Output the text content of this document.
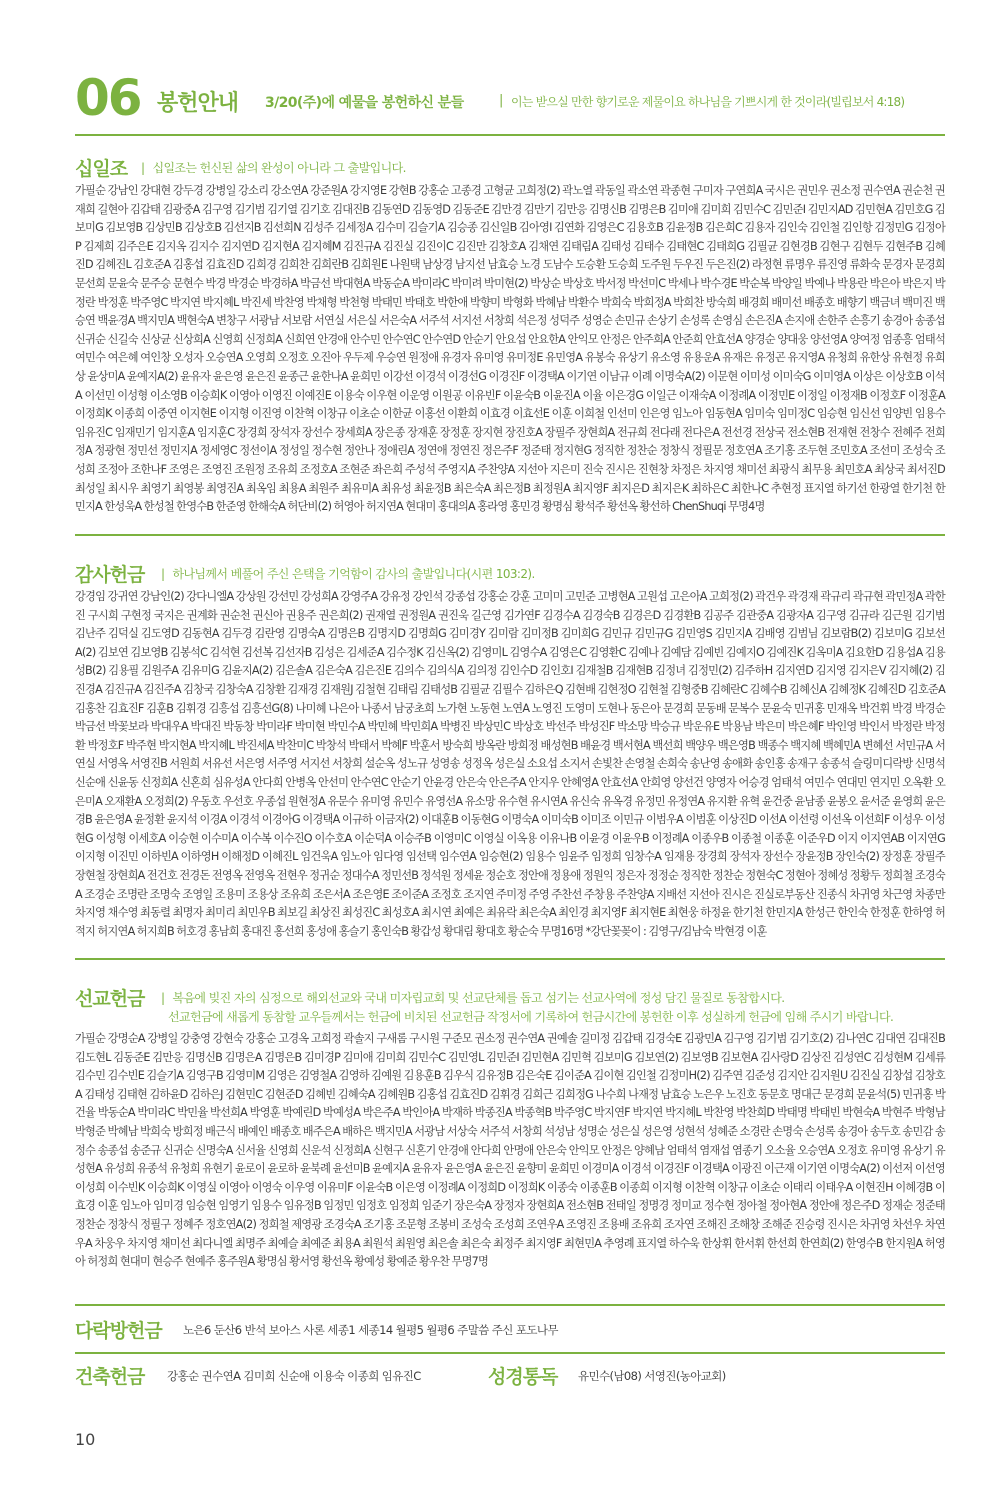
06 봉헌안내 3/20(주)에 예물을 봉헌하신 분들	| 이는 받으실 만한 향기로운 제물이요 하나님을 기쁘시게 한 것이라(빌립보서 4:18)
십일조 | 십일조는 헌신된 삶의 완성이 아니라 그 출발입니다.
가필순 강남인 강대현 강두경 강병일 강소리 강소연A 강준원A 강지영E 강현B 강홍순 고종경 고형균 고희정(2) 곽노열 곽동일 곽소연 곽종현 구미자 구연희A 국시은 권민우 권소정 권수연A 권순천 권재희 길현아 김갑태 김광중A 김구영 김기범 김기열 김기호 김대진B 김동연D 김동영D 김동준E 김만경 김만기 김만응 김명신B 김명은B 김미애 김미희 김민수C 김민준I 김민지AD 김민현A 김민호G 김보미G 김보영B 김상민B 김상호B 김선지B 김선희N 김성주 김세정A 김수미 김슬기A 김승종 김신일B 김아영I 김연화 김영은C 김용호B 김윤정B 김은희C 김용자 김인숙 김인철 김인항 김정민G 김정아P 김제희 김주은E 김지옥 김지수 김지연D 김지현A 김지혜M 김진규A 김진실 김진이C 김진만 김창호A 김채연 김태림A 김태성 김태수 김태현C 김태희G 김필균 김현경B 김현구 김현두 김현주B 김혜진D 김혜진L 김호준A 김홍섭 김효진D 김희경 김희찬 김희란B 김희원E 나원택 남상경 남지선 남효승 노경 도남수 도승환 도승희 도주원 두우진 두은진(2) 라정현 류명우 류진영 류화숙 문경자 문경희 문선희 문윤숙 문주승 문현수 박경 박경순 박경하A 박금선 박대현A 박동순A 박미라C 박미려 박미현(2) 박상순 박상호 박서정 박선미C 박세나 박수경E 박순복 박양일 박예나 박용란 박은아 박은지 박정란 박정훈 박주영C 박지연 박지혜L 박진세 박찬영 박채형 박천형 박태민 박태호 박한애 박향미 박형화 박혜남 박환수 박희숙 박희정A 박희찬 방숙희 배경희 배미선 배종호 배향기 백금녀 백미진 백승연 백윤경A 백지민A 백현숙A 변창구 서광남 서보람 서연실 서은실 서은숙A 서주석 서지선 서창희 석은정 성덕주 성영순 손민규 손상기 손성록 손영심 손은진A 손지애 손한주 손흥기 송경아 송종섭 신귀순 신길숙 신상균 신상희A 신영희 신정희A 신희연 안경애 안수민 안수연C 안수연D 안순기 안요섭 안요한A 안익모 안정은 안주희A 안준희 안효선A 양경순 양대웅 양선영A 양여정 엄종흥 엄태석 여민수 여은혜 여인창 오성자 오승연A 오영희 오정호 오진아 우두제 우승연 원정애 유경자 유미영 유미정E 유민영A 유봉숙 유상기 유소영 유용운A 유재은 유정곤 유지영A 유청희 유한상 유현정 유희상 윤상미A 윤예지A(2) 윤유자 윤은영 윤은진 윤종근 윤한나A 윤희민 이강선 이경석 이경선G 이경진F 이경택A 이기연 이남규 이례 이명숙A(2) 이문현 이미성 이미숙G 이미영A 이상은 이상호B 이석A 이선민 이성형 이소영B 이승희K 이영아 이영진 이예진E 이용숙 이우현 이운영 이원공 이유빈F 이윤숙B 이윤진A 이율 이은경G 이일근 이재숙A 이정례A 이정민E 이정일 이정재B 이정호F 이정훈A 이정희K 이종희 이중연 이지현E 이지형 이진영 이찬혁 이창규 이초순 이한균 이홍선 이환희 이효경 이효선E 이훈 이희철 인선미 인은영 임노아 임동현A 임미숙 임미정C 임승현 임신선 임양빈 임용수 임유진C 임재민기 임지훈A 임지훈C 장경희 장석자 장선수 장세희A 장은종 장재훈 장정훈 장지현 장진호A 장필주 장현희A 전규희 전다래 전다은A 전선경 전상국 전소현B 전재현 전창수 전혜주 전희정A 정광현 정민선 정민지A 정세영C 정선이A 정성일 정수현 정안나 정애린A 정연애 정연진 정은주F 정준태 정지현G 정직한 정찬순 정창식 정필문 정호연A 조기홍 조두현 조민호A 조선미 조성숙 조성희 조정아 조한나F 조영은 조영진 조원정 조유희 조정호A 조현준 좌은희 주성석 주영지A 주찬양A 지선아 지은미 진숙 진시은 진현창 차정은 차지영 채미선 최광식 최무용 최민호A 최상국 최서진D 최성일 최시우 최영기 최영봉 최영진A 최옥임 최용A 최원주 최유미A 최유성 최윤정B 최은숙A 최은정B 최정원A 최지영F 최지은D 최지은K 최하은C 최한나C 추현정 표지열 하기선 한광열 한기천 한민지A 한성욱A 한성철 한영수B 한준영 한해숙A 허단비(2) 허영아 허지연A 현대미 홍대의A 홍라영 홍민경 황명심 황석주 황선옥 황선하 ChenShuqi 무명4명
감사헌금 | 하나님께서 베풀어 주신 은택을 기억함이 감사의 출발입니다(시편 103:2).
강경임 강귀연 강남인(2) 강다니엘A 강상원 강선민 강성희A 강영주A 강유정 강인석 강종섭 강홍순 강훈 고미미 고민준 고병현A 고원섭 고은아A 고희정(2) 곽건우 곽경재 곽규리 곽규현 곽민정A 곽한진 구시희 구현정 국지은 권계화 권순천 권신아 권용주 권은희(2) 권재열 권정원A 권진욱 길근영 김가연F 김경수A 김경숙B 김경은D 김경환B 김공주 김관중A 김광자A 김구영 김규라 김근원 김기범 김난주 김덕실 김도영D 김동현A 김두경 김란영 김명숙A 김명은B 김명지D 김명희G 김미경Y 김미람 김미정B 김미희G 김민규 김민규G 김민영S 김민지A 김배영 김범님 김보람B(2) 김보미G 김보선A(2) 김보연 김보영B 김봉석C 김석현 김선복 김선자B 김성은 김세준A 김수정K 김신옥(2) 김영미L 김영수A 김영은C 김영환C 김예나 김예담 김예빈 김예지O 김예진K 김옥미A 김요한D 김용섭A 김용성B(2) 김용필 김원주A 김유미G 김윤지A(2) 김은솔A 김은숙A 김은진E 김의수 김의식A 김의정 김인수D 김인호I 김재철B 김재현B 김정녀 김정민(2) 김주하H 김지연D 김지영 김지은V 김지혜(2) 김진경A 김진규A 김진주A 김창국 김창숙A 김창환 김재경 김재원J 김철현 김태림 김태성B 김필균 김필수 김하은Q 김현배 김현정O 김현철 김형중B 김혜란C 김혜수B 김혜신A 김혜정K 김혜진D 김호준A 김홍찬 김효진F 김훈B 김휘경 김흥섭 김흥선G(8) 나미혜 나은아 나종서 남궁초희 노가현 노동현 노연A 노영진 도영미 도현나 동은아 문경희 문동배 문복수 문윤숙 민귀홍 민재옥 박건휘 박경 박경순 박금선 박꽃보라 박대우A 박대진 박동창 박미라F 박미현 박민수A 박민혜 박민희A 박병진 박상민C 박상호 박선주 박성진F 박소망 박승규 박운유E 박용남 박은미 박은혜F 박인영 박인서 박정란 박정환 박정호F 박주현 박지현A 박지혜L 박진세A 박찬미C 박창석 박태서 박혜F 박훈서 방숙희 방옥란 방희정 배성현B 배윤경 백서현A 백선희 백양우 백은영B 백종수 백지혜 백혜민A 변혜선 서민규A 서연실 서영옥 서영진B 서원희 서유선 서은영 서주영 서지선 서창희 설순옥 성노규 성영송 성정옥 성은실 소요섭 소지서 손빛찬 손영철 손희숙 송난영 송애화 송인홍 송재구 송종석 슬링미디락방 신명석 신순애 신윤동 신정희A 신혼희 심유성A 안다희 안병옥 안선미 안수연C 안순기 안윤경 안은숙 안은주A 안지우 안혜영A 안효선A 안희영 양선건 양영자 어승경 엄태석 여민수 연대민 연지민 오옥환 오은미A 오재환A 오정희(2) 우동호 우선호 우종섭 원현정A 유문수 유미영 유민수 유영선A 유소망 유수현 유시연A 유신숙 유옥경 유정민 유정연A 유지환 유혁 윤건중 윤남종 윤봉오 윤서준 윤영희 윤은경B 윤은영A 윤정환 윤지석 이경A 이경석 이경아G 이경택A 이규하 이금자(2) 이대훈B 이동현G 이명숙A 이미숙B 이미조 이민규 이범우A 이범훈 이상진D 이선A 이선령 이선옥 이선희F 이성우 이성현G 이성형 이세호A 이승현 이수미A 이수복 이수진O 이수호A 이순덕A 이승주B 이영미C 이영실 이옥용 이유나B 이윤경 이윤우B 이정례A 이종우B 이종철 이종훈 이준우D 이지 이지연AB 이지연G 이지형 이진민 이하빈A 이하영H 이해정D 이혜진L 임건욱A 임노아 임다영 임선택 임수연A 임승현(2) 임용수 임윤주 임정희 임창수A 임재용 장경희 장석자 장선수 장윤정B 장인숙(2) 장정훈 장필주 장현철 장현희A 전건호 전경돈 전영옥 전영옥 전현우 정귀순 정대수A 정민선B 정석원 정세윤 정순호 정안애 정용애 정원익 정은자 정정순 정직한 정찬순 정현숙C 정현아 정혜성 정황두 정희철 조경숙A 조경순 조명란 조명숙 조영일 조용미 조용상 조유희 조은서A 조은영E 조이준A 조정호 조지연 주미정 주영 주찬선 주창용 주찬양A 지배선 지선아 진시은 진실로부동산 진종식 차귀영 차근영 차종만 차지영 채수영 최동렬 최명자 최미리 최민우B 최보길 최상진 최성진C 최성호A 최시연 최예은 최유락 최은숙A 최인경 최지영F 최지현E 최현웅 하정윤 한기천 한민지A 한성근 한인숙 한정훈 한하영 허적지 허지연A 허지희B 허호경 홍남희 홍대진 홍선희 홍성애 홍슬기 홍인숙B 황갑성 황대림 황대호 황순숙 무명16명 *강단꽃꽂이 : 김영구/김남숙 박현경 이훈
선교헌금 | 복음에 빚진 자의 심정으로 해외선교와 국내 미자립교회 및 선교단체를 돕고 섬기는 선교사역에 정성 담긴 물질로 동참합시다.
선교헌금에 새롭게 동참할 교우들께서는 헌금에 비치된 선교헌금 작정서에 기록하여 헌금시간에 봉헌한 이후 성실하게 헌금에 임해 주시기 바랍니다.
가필순 강명순A 강병일 강충영 강현숙 강홍순 고경옥 고희정 곽솔지 구새롬 구시원 구준모 권소정 권수연A 권예솔 길미정 김갑태 김경숙E 김광민A 김구영 김기범 김기호(2) 김나연C 김대연 김대진B 김도현L 김동준E 김만응 김명신B 김명은A 김명은B 김미경P 김미애 김미희 김민수C 김민영L 김민준I 김민현A 김민혁 김보미G 김보연(2) 김보영B 김보현A 김사랑D 김상진 김성연C 김성현M 김세류 김수민 김수빈E 김슬기A 김영구B 김영미M 김영은 김영철A 김영하 김예원 김용훈B 김우식 김유정B 김은숙E 김이준A 김이현 김인철 김정미H(2) 김주연 김준성 김지안 김지원U 김진실 김창섭 김창호A 김태성 김태현 김하윤D 김하은J 김현민C 김현준D 김혜빈 김혜숙A 김혜원B 김홍섭 김효진D 김휘경 김희근 김희정G 나수희 나재정 남효승 노은우 노진호 동문호 명대근 문경희 문윤석(5) 민귀홍 박건율 박동순A 박미라C 박민율 박선희A 박영훈 박예린D 박예성A 박은주A 박인아A 박재하 박종진A 박종혁B 박주영C 박지연F 박지연 박지혜L 박찬영 박찬희D 박태명 박태빈 박현숙A 박현주 박형남 박형준 박혜남 박희숙 방희정 배근식 배예인 배종호 배주은A 배하은 백지민A 서광남 서상숙 서주석 서창희 석성남 성명순 성은실 성은영 성현석 성혜준 소경란 손명숙 손성록 송경아 송두호 송민감 송정수 송종섭 송준규 신귀순 신명숙A 신서율 신영희 신운석 신정희A 신현구 신혼기 안경애 안다희 안명애 안은숙 안익모 안정은 양혜남 엄태석 염재섭 염종기 오소율 오승연A 오정호 유미영 유상기 유성현A 유성희 유종석 유청희 유현기 윤로이 윤로하 윤북례 윤선미B 윤예지A 윤유자 윤은영A 윤은진 윤향미 윤희민 이경미A 이경석 이경진F 이경택A 이광진 이근재 이기연 이명숙A(2) 이선저 이선영 이성희 이수빈K 이승희K 이영실 이영아 이영숙 이우영 이유미F 이윤숙B 이은영 이정례A 이정희D 이정희K 이종숙 이종훈B 이종희 이지형 이찬혁 이창규 이초순 이태리 이태우A 이현진H 이혜경B 이효경 이훈 임노아 임미경 임승현 임영기 임용수 임유정B 임정민 임정호 임정희 임준기 장은숙A 장정자 장현희A 전소현B 전태일 정명경 정미교 정수현 정아철 정아현A 정안애 정은주D 정재순 정준태 정찬순 정창식 정필구 정혜주 정호연A(2) 정희철 제영광 조경숙A 조기홍 조문형 조봉비 조성숙 조성희 조연우A 조영진 조용배 조유희 조자연 조해진 조해창 조해준 진승령 진시은 차귀영 차선우 차연우A 차웅우 차지영 채미선 최다니엘 최명주 최예슬 최예준 최용A 최원석 최원영 최은솔 최은숙 최정주 최지영F 최현민A 추영례 표지열 하수욱 한상휘 한서휘 한선희 한연희(2) 한영수B 한지원A 허영아 허정희 현대미 현승주 현예주 홍주원A 황명심 황서영 황선옥 황예성 황예준 황우찬 무명7명
다락방헌금 노은6 둔산6 반석 보아스 사론 세종1 세종14 월평5 월평6 주말씀 주신 포도나무
건축헌금 강홍순 권수연A 김미희 신순애 이용숙 이종희 임유진C	성경통독 유민수(남08) 서영진(농아교회)
10
